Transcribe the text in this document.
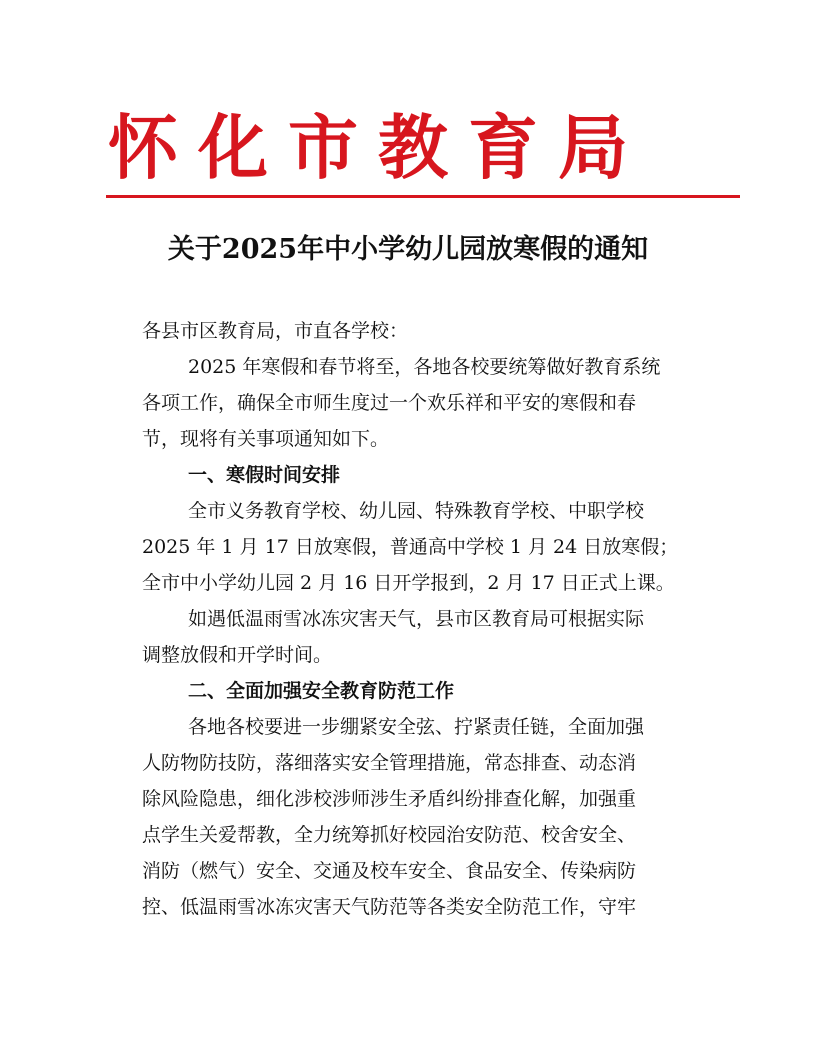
怀化市教育局
关于2025年中小学幼儿园放寒假的通知
各县市区教育局，市直各学校：
2025 年寒假和春节将至，各地各校要统筹做好教育系统
各项工作，确保全市师生度过一个欢乐祥和平安的寒假和春
节，现将有关事项通知如下。
一、寒假时间安排
全市义务教育学校、幼儿园、特殊教育学校、中职学校
2025 年 1 月 17 日放寒假，普通高中学校 1 月 24 日放寒假；
全市中小学幼儿园 2 月 16 日开学报到，2 月 17 日正式上课。
如遇低温雨雪冰冻灾害天气，县市区教育局可根据实际
调整放假和开学时间。
二、全面加强安全教育防范工作
各地各校要进一步绷紧安全弦、拧紧责任链，全面加强
人防物防技防，落细落实安全管理措施，常态排查、动态消
除风险隐患，细化涉校涉师涉生矛盾纠纷排查化解，加强重
点学生关爱帮教，全力统筹抓好校园治安防范、校舍安全、
消防（燃气）安全、交通及校车安全、食品安全、传染病防
控、低温雨雪冰冻灾害天气防范等各类安全防范工作，守牢
